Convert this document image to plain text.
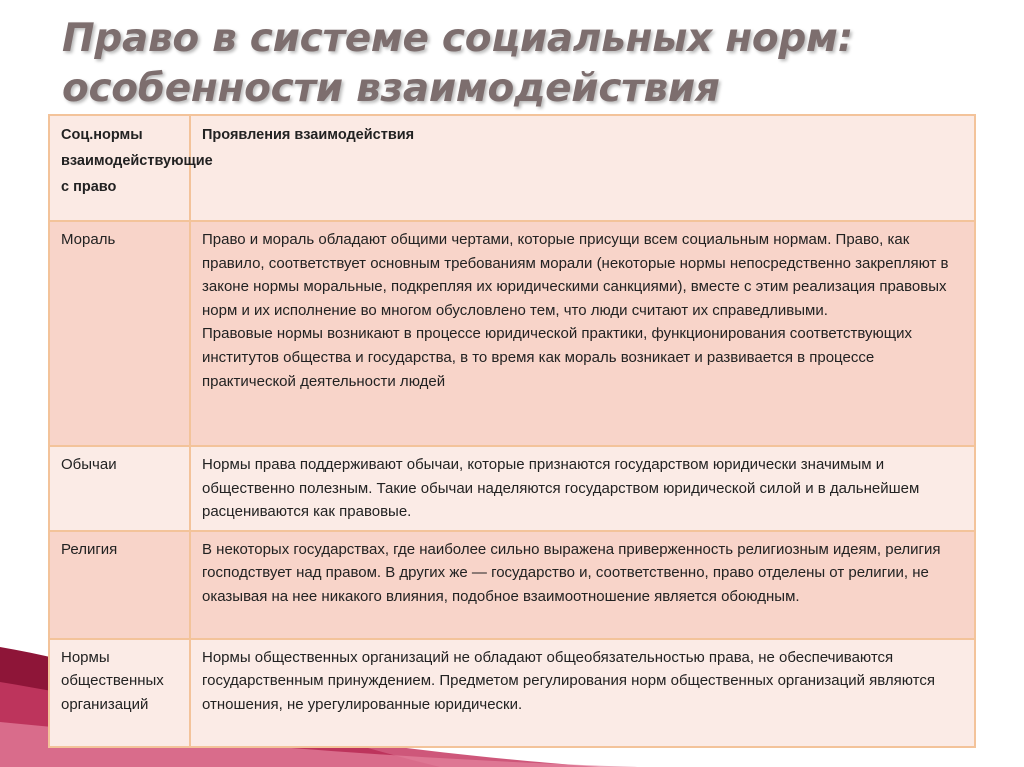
Право в системе социальных норм:
особенности взаимодействия
Соц.нормы взаимодействующие с право	Проявления взаимодействия
Мораль	Право и мораль обладают общими чертами, которые присущи всем социальным нормам. Право, как правило, соответствует основным требованиям морали (некоторые нормы непосредственно закрепляют в законе нормы моральные, подкрепляя их юридическими санкциями), вместе с этим реализация правовых норм и их исполнение во многом обусловлено тем, что люди считают их справедливыми.
Правовые нормы возникают в процессе юридической практики, функционирования соответствующих институтов общества и государства, в то время как мораль возникает и развивается в процессе практической деятельности людей

Обычаи	Нормы права поддерживают обычаи, которые признаются государством юридически значимым и общественно полезным. Такие обычаи наделяются государством юридической силой и в дальнейшем расцениваются как правовые.

Религия	В некоторых государствах, где наиболее сильно выражена приверженность религиозным идеям, религия господствует над правом. В других же — государство и, соответственно, право отделены от религии, не оказывая на нее никакого влияния, подобное взаимоотношение является обоюдным.

Нормы общественных организаций	Нормы общественных организаций не обладают общеобязательностью права, не обеспечиваются государственным принуждением. Предметом регулирования норм общественных организаций являются отношения, не урегулированные юридически.
